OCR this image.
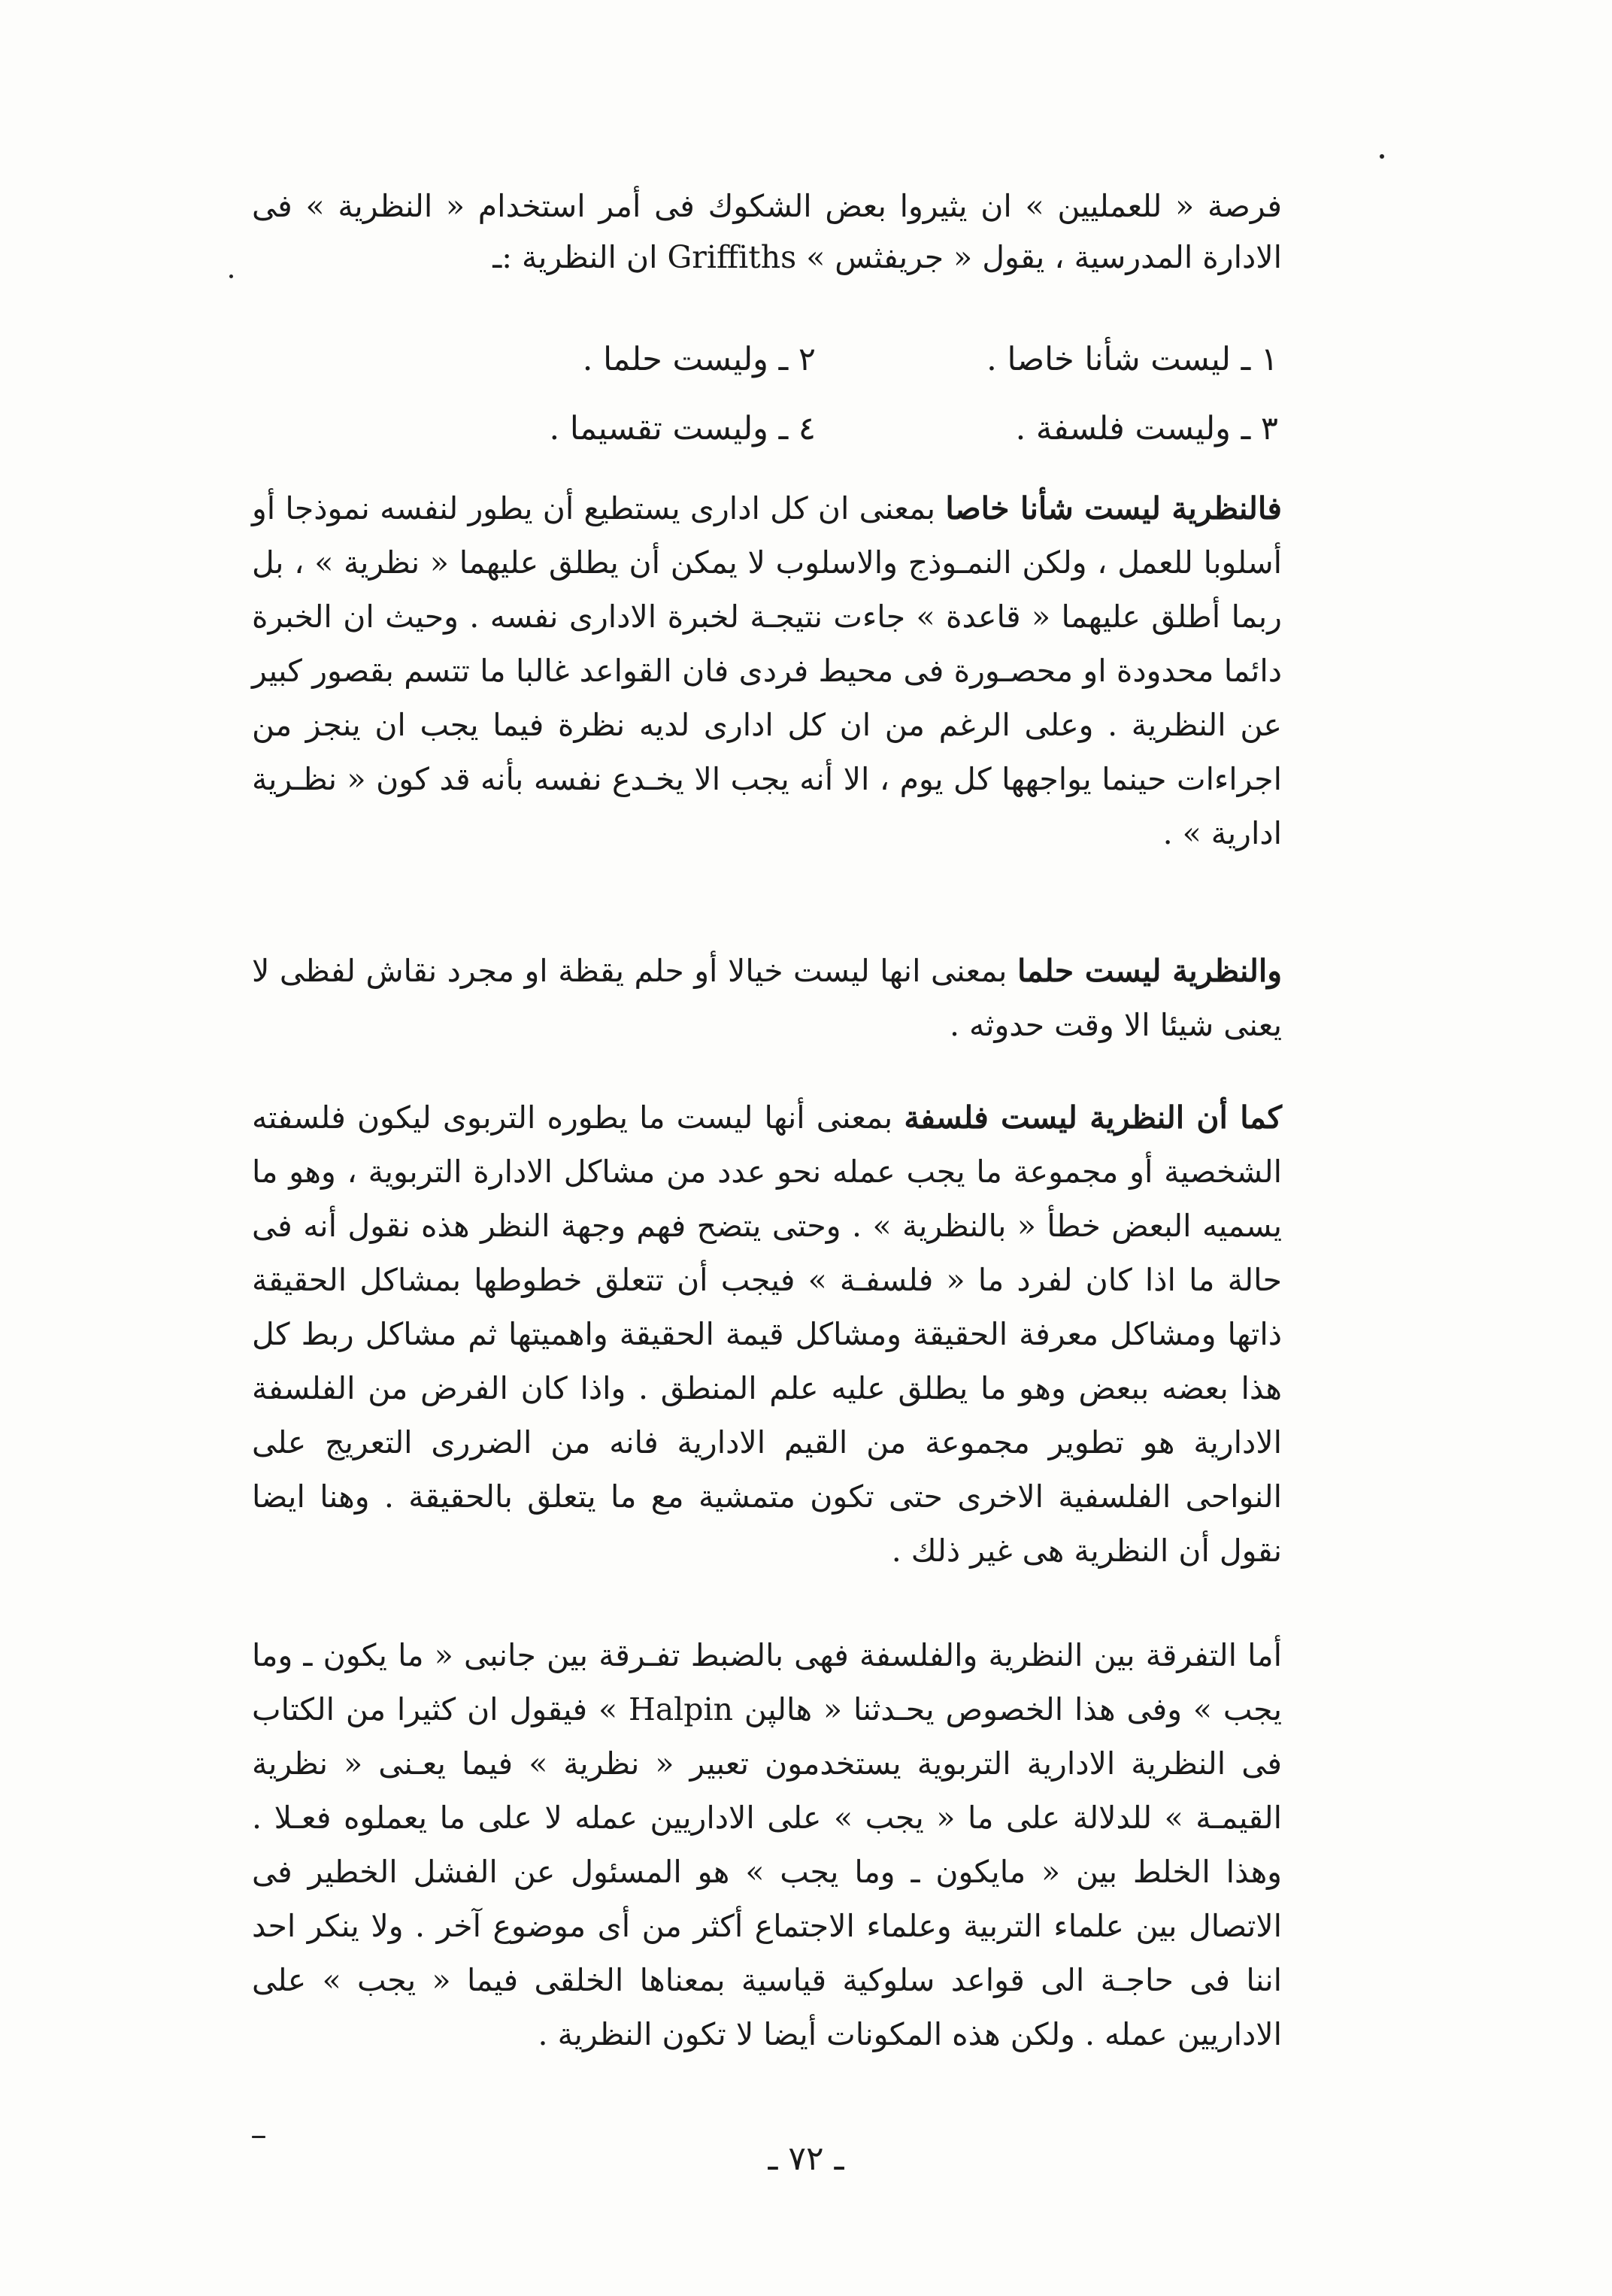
فرصة « للعمليين » ان يثيروا بعض الشكوك فى أمر استخدام « النظرية » فى الادارة المدرسية ، يقول « جريفثس » Griffiths ان النظرية :ـ
١ ـ ليست شأنا خاصا .
٢ ـ وليست حلما .
٣ ـ وليست فلسفة .
٤ ـ وليست تقسيما .
فالنظرية ليست شأنا خاصا بمعنى ان كل ادارى يستطيع أن يطور لنفسه نموذجا أو أسلوبا للعمل ، ولكن النمـوذج والاسلوب لا يمكن أن يطلق عليهما « نظرية » ، بل ربما أطلق عليهما « قاعدة » جاءت نتيجـة لخبرة الادارى نفسه . وحيث ان الخبرة دائما محدودة او محصـورة فى محيط فردى فان القواعد غالبا ما تتسم بقصور كبير عن النظرية . وعلى الرغم من ان كل ادارى لديه نظرة فيما يجب ان ينجز من اجراءات حينما يواجهها كل يوم ، الا أنه يجب الا يخـدع نفسه بأنه قد كون « نظـرية ادارية » .
والنظرية ليست حلما بمعنى انها ليست خيالا أو حلم يقظة او مجرد نقاش لفظى لا يعنى شيئا الا وقت حدوثه .
كما أن النظرية ليست فلسفة بمعنى أنها ليست ما يطوره التربوى ليكون فلسفته الشخصية أو مجموعة ما يجب عمله نحو عدد من مشاكل الادارة التربوية ، وهو ما يسميه البعض خطأ « بالنظرية » . وحتى يتضح فهم وجهة النظر هذه نقول أنه فى حالة ما اذا كان لفرد ما « فلسفـة » فيجب أن تتعلق خطوطها بمشاكل الحقيقة ذاتها ومشاكل معرفة الحقيقة ومشاكل قيمة الحقيقة واهميتها ثم مشاكل ربط كل هذا بعضه ببعض وهو ما يطلق عليه علم المنطق . واذا كان الفرض من الفلسفة الادارية هو تطوير مجموعة من القيم الادارية فانه من الضررى التعريج على النواحى الفلسفية الاخرى حتى تكون متمشية مع ما يتعلق بالحقيقة . وهنا ايضا نقول أن النظرية هى غير ذلك .
أما التفرقة بين النظرية والفلسفة فهى بالضبط تفـرقة بين جانبى « ما يكون ـ وما يجب » وفى هذا الخصوص يحـدثنا « هالپن Halpin » فيقول ان كثيرا من الكتاب فى النظرية الادارية التربوية يستخدمون تعبير « نظرية » فيما يعـنى « نظرية القيمـة » للدلالة على ما « يجب » على الاداريين عمله لا على ما يعملوه فعـلا . وهذا الخلط بين « مايكون ـ وما يجب » هو المسئول عن الفشل الخطير فى الاتصال بين علماء التربية وعلماء الاجتماع أكثر من أى موضوع آخر . ولا ينكر احد اننا فى حاجـة الى قواعد سلوكية قياسية بمعناها الخلقى فيما « يجب » على الاداريين عمله . ولكن هذه المكونات أيضا لا تكون النظرية .
ـ ٧٢ ـ
